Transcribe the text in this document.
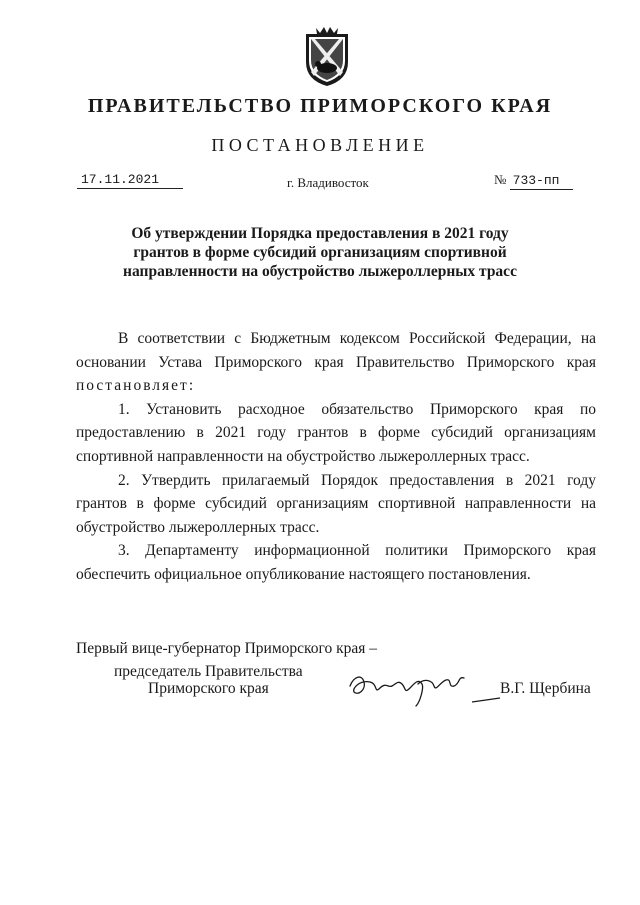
ПРАВИТЕЛЬСТВО ПРИМОРСКОГО КРАЯ
ПОСТАНОВЛЕНИЕ
17.11.2021	г. Владивосток	№ 733-пп
Об утверждении Порядка предоставления в 2021 году
грантов в форме субсидий организациям спортивной
направленности на обустройство лыжероллерных трасс

В соответствии с Бюджетным кодексом Российской Федерации, на основании Устава Приморского края Правительство Приморского края

постановляет:

1. Установить расходное обязательство Приморского края по предоставлению в 2021 году грантов в форме субсидий организациям спортивной направленности на обустройство лыжероллерных трасс.

2. Утвердить прилагаемый Порядок предоставления в 2021 году грантов в форме субсидий организациям спортивной направленности на обустройство лыжероллерных трасс.

3. Департаменту информационной политики Приморского края обеспечить официальное опубликование настоящего постановления.

Первый вице-губернатор Приморского края –
председатель Правительства
Приморского края	В.Г. Щербина
